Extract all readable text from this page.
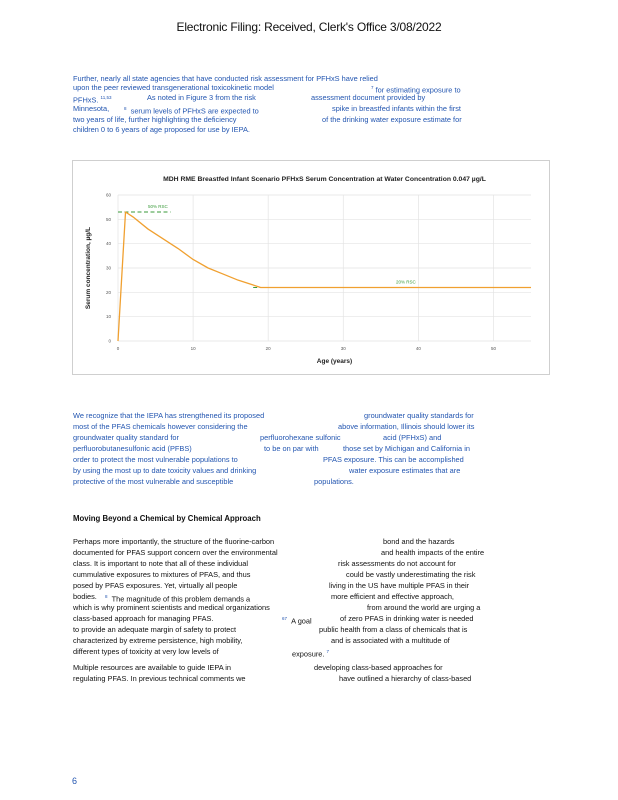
Electronic Filing: Received, Clerk's Office 3/08/2022
Further, nearly all state agencies that have conducted risk assessment for PFHxS have relied
upon the peer reviewed transgenerational toxicokinetic model	$^7$ for estimating exposure to
PFHxS. $^{11,53}$	As noted in Figure 3 from the risk	assessment document provided by
Minnesota,	$^8$ serum levels of PFHxS are expected to	spike in breastfed infants within the first
two years of life, further highlighting the deficiency	of the drinking water exposure estimate for
children 0 to 6 years of age proposed for use by IEPA.
0	10	20	30	40	50
0
10
20
30
40
50
60
MDH RME Breastfed Infant Scenario PFHxS Serum Concentration at Water Concentration 0.047 µg/L
Age (years)
Serum concentration, µg/L
50% RSC
20% RSC
We recognize that the IEPA has strengthened its proposed	groundwater quality standards for
most of the PFAS chemicals however considering the	above information, Illinois should lower its
groundwater quality standard for	perfluorohexane sulfonic	acid (PFHxS) and
perfluorobutanesulfonic acid (PFBS)	to be on par with	those set by Michigan and California in
order to protect the most vulnerable populations to	PFAS exposure. This can be accomplished
by using the most up to date toxicity values and drinking	water exposure estimates that are
protective of the most vulnerable and susceptible	populations.
Moving Beyond a Chemical by Chemical Approach
Perhaps more importantly, the structure of the fluorine-carbon	bond and the hazards
documented for PFAS support concern over the environmental	and health impacts of the entire
class. It is important to note that all of these individual	risk assessments do not account for
cummulative exposures to mixtures of PFAS, and thus	could be vastly underestimating the risk
posed by PFAS exposures. Yet, virtually all people	living in the US have multiple PFAS in their
bodies. $^8$ The magnitude of this problem demands a	more efficient and effective approach,
which is why prominent scientists and medical organizations	from around the world are urging a
class-based approach for managing PFAS.	$^{67}$ A goal	of zero PFAS in drinking water is needed
to provide an adequate margin of safety to protect	public health from a class of chemicals that is
characterized by extreme persistence, high mobility,	and is associated with a multitude of
different types of toxicity at very low levels of	exposure. $^7$
Multiple resources are available to guide IEPA in	developing class-based approaches for
regulating PFAS. In previous technical comments we	have outlined a hierarchy of class-based
6
